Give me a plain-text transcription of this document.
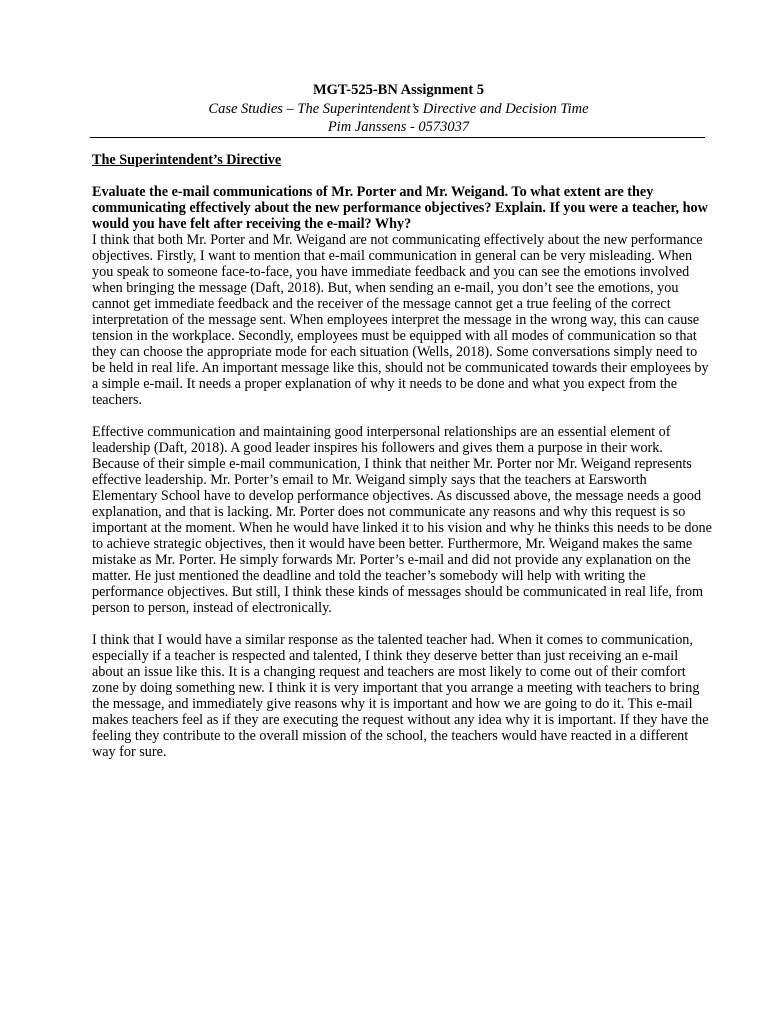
MGT-525-BN Assignment 5
Case Studies – The Superintendent’s Directive and Decision Time
Pim Janssens - 0573037

The Superintendent’s Directive

Evaluate the e-mail communications of Mr. Porter and Mr. Weigand. To what extent are they communicating effectively about the new performance objectives? Explain. If you were a teacher, how would you have felt after receiving the e-mail? Why?

I think that both Mr. Porter and Mr. Weigand are not communicating effectively about the new performance objectives. Firstly, I want to mention that e-mail communication in general can be very misleading. When you speak to someone face-to-face, you have immediate feedback and you can see the emotions involved when bringing the message (Daft, 2018). But, when sending an e-mail, you don’t see the emotions, you cannot get immediate feedback and the receiver of the message cannot get a true feeling of the correct interpretation of the message sent. When employees interpret the message in the wrong way, this can cause tension in the workplace. Secondly, employees must be equipped with all modes of communication so that they can choose the appropriate mode for each situation (Wells, 2018). Some conversations simply need to be held in real life. An important message like this, should not be communicated towards their employees by a simple e-mail. It needs a proper explanation of why it needs to be done and what you expect from the teachers.

Effective communication and maintaining good interpersonal relationships are an essential element of leadership (Daft, 2018). A good leader inspires his followers and gives them a purpose in their work. Because of their simple e-mail communication, I think that neither Mr. Porter nor Mr. Weigand represents effective leadership. Mr. Porter’s email to Mr. Weigand simply says that the teachers at Earsworth Elementary School have to develop performance objectives. As discussed above, the message needs a good explanation, and that is lacking. Mr. Porter does not communicate any reasons and why this request is so important at the moment. When he would have linked it to his vision and why he thinks this needs to be done to achieve strategic objectives, then it would have been better. Furthermore, Mr. Weigand makes the same mistake as Mr. Porter. He simply forwards Mr. Porter’s e-mail and did not provide any explanation on the matter. He just mentioned the deadline and told the teacher’s somebody will help with writing the performance objectives. But still, I think these kinds of messages should be communicated in real life, from person to person, instead of electronically.

I think that I would have a similar response as the talented teacher had. When it comes to communication, especially if a teacher is respected and talented, I think they deserve better than just receiving an e-mail about an issue like this. It is a changing request and teachers are most likely to come out of their comfort zone by doing something new. I think it is very important that you arrange a meeting with teachers to bring the message, and immediately give reasons why it is important and how we are going to do it. This e-mail makes teachers feel as if they are executing the request without any idea why it is important. If they have the feeling they contribute to the overall mission of the school, the teachers would have reacted in a different way for sure.
